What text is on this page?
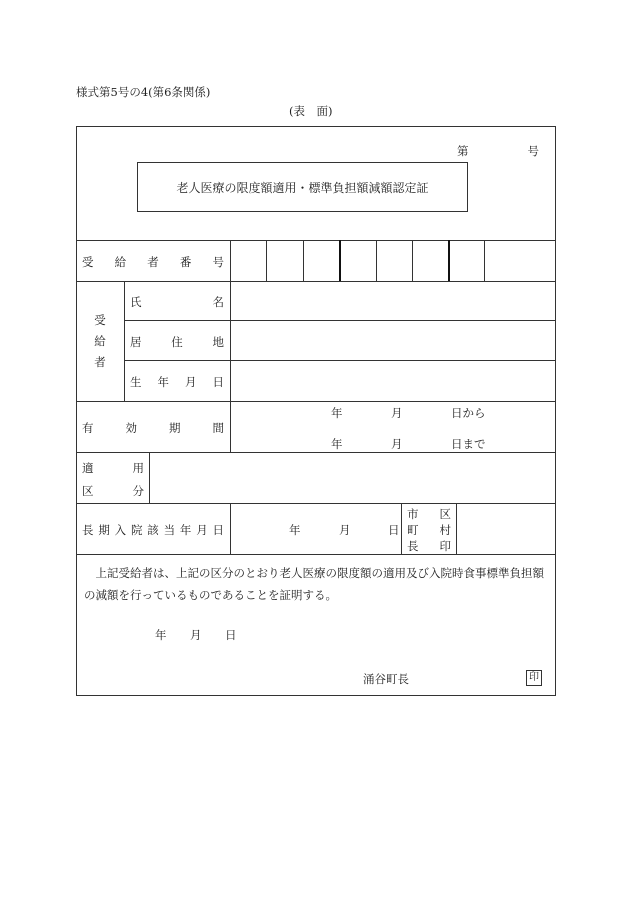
様式第5号の4(第6条関係)
(表　面)
第	号
老人医療の限度額適用・標準負担額減額認定証
受 給 者 番 号
受
給
者
氏	名
居	住	地
生 年 月 日
有	効	期	間
年	月	日から
年	月	日まで
適	用
区	分
長 期 入 院 該 当 年 月 日	年	月	日
市 区
町 村
長 印
上記受給者は、上記の区分のとおり老人医療の限度額の適用及び入院時食事標準負担額の減額を行っているものであることを証明する。
年 月 日
涌谷町長	印
